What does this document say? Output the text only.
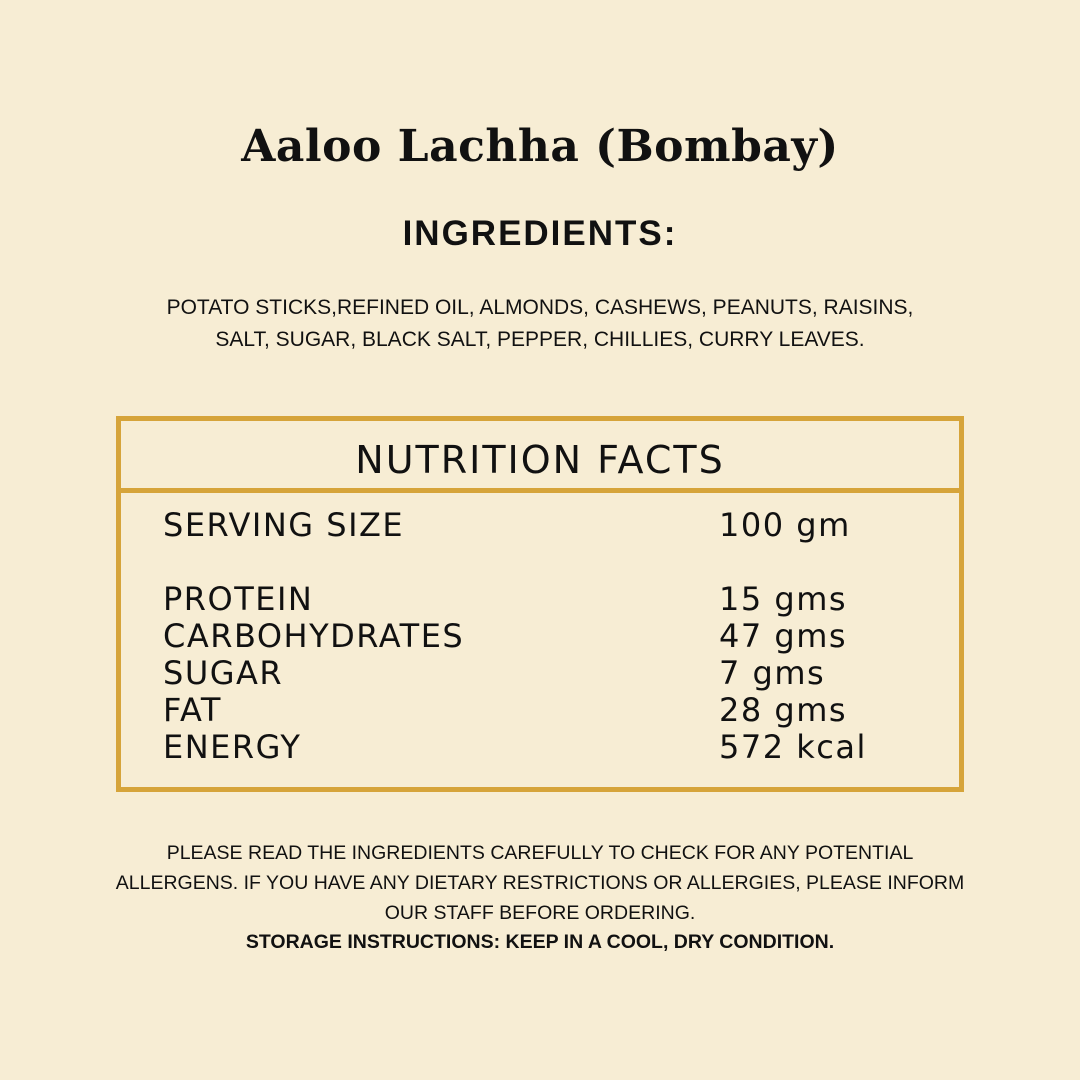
Aaloo Lachha (Bombay)
INGREDIENTS:
POTATO STICKS,REFINED OIL, ALMONDS, CASHEWS, PEANUTS, RAISINS,
SALT, SUGAR, BLACK SALT, PEPPER, CHILLIES, CURRY LEAVES.
NUTRITION FACTS
SERVING SIZE	100 gm
PROTEIN	15 gms
CARBOHYDRATES	47 gms
SUGAR	7 gms
FAT	28 gms
ENERGY	572 kcal
PLEASE READ THE INGREDIENTS CAREFULLY TO CHECK FOR ANY POTENTIAL
ALLERGENS. IF YOU HAVE ANY DIETARY RESTRICTIONS OR ALLERGIES, PLEASE INFORM
OUR STAFF BEFORE ORDERING.
STORAGE INSTRUCTIONS: KEEP IN A COOL, DRY CONDITION.
